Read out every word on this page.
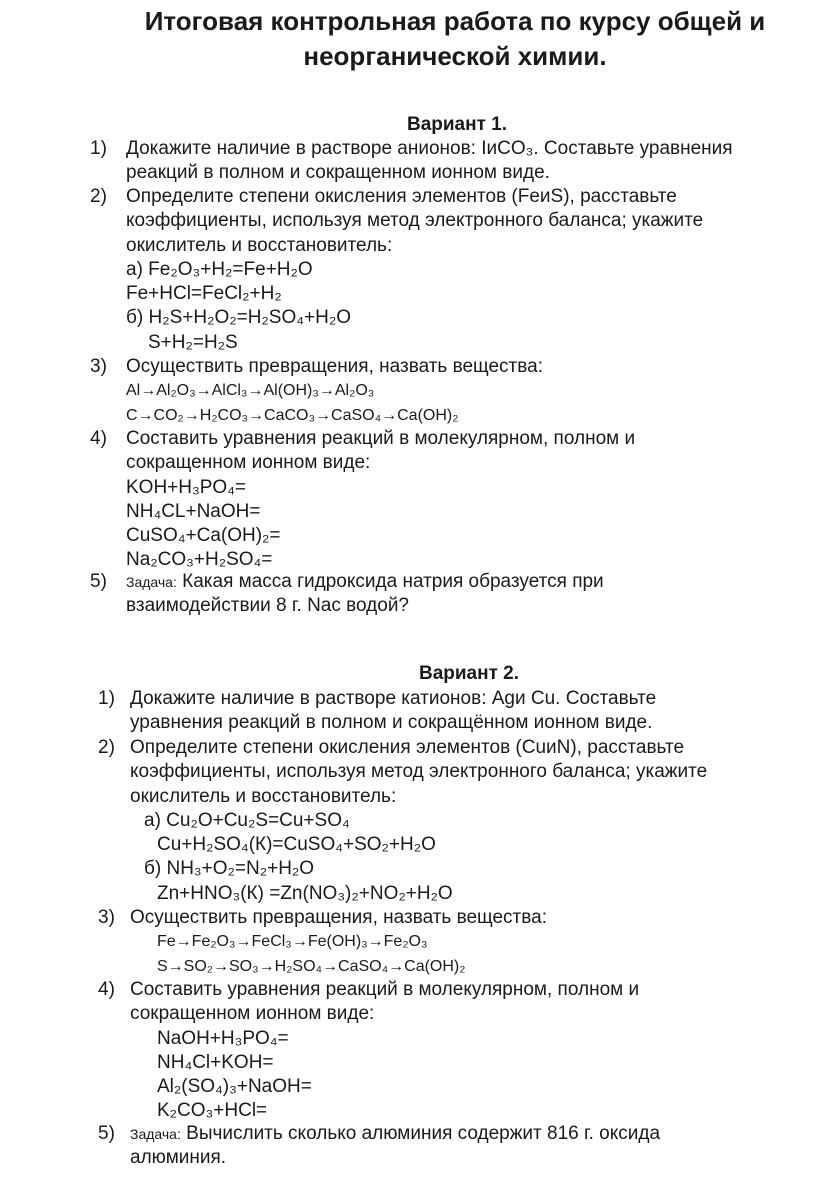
Итоговая контрольная работа по курсу общей и
неорганической химии.
Вариант 1.
1) Докажите наличие в растворе анионов: IиCO₃. Составьте уравнения
реакций в полном и сокращенном ионном виде.
2) Определите степени окисления элементов (FeиS), расставьте
коэффициенты, используя метод электронного баланса; укажите
окислитель и восстановитель:
а) Fe₂O₃+H₂=Fe+H₂O
Fe+HCl=FeCl₂+H₂
б) H₂S+H₂O₂=H₂SO₄+H₂O
S+H₂=H₂S
3) Осуществить превращения, назвать вещества:
Al→Al₂O₃→AlCl₃→Al(OH)₃→Al₂O₃
C→CO₂→H₂CO₃→CaCO₃→CaSO₄→Ca(OH)₂
4) Составить уравнения реакций в молекулярном, полном и
сокращенном ионном виде:
KOH+H₃PO₄=
NH₄CL+NaOH=
CuSO₄+Ca(OH)₂=
Na₂CO₃+H₂SO₄=
5) Задача: Какая масса гидроксида натрия образуется при
взаимодействии 8 г. Nac водой?
Вариант 2.
1) Докажите наличие в растворе катионов: Agи Cu. Составьте
уравнения реакций в полном и сокращённом ионном виде.
2) Определите степени окисления элементов (CuиN), расставьте
коэффициенты, используя метод электронного баланса; укажите
окислитель и восстановитель:
а) Cu₂O+Cu₂S=Cu+SO₄
Cu+H₂SO₄(К)=CuSO₄+SO₂+H₂O
б) NH₃+O₂=N₂+H₂O
Zn+HNO₃(К) =Zn(NO₃)₂+NO₂+H₂O
3) Осуществить превращения, назвать вещества:
Fe→Fe₂O₃→FeCl₃→Fe(OH)₃→Fe₂O₃
S→SO₂→SO₃→H₂SO₄→CaSO₄→Ca(OH)₂
4) Составить уравнения реакций в молекулярном, полном и
сокращенном ионном виде:
NaOH+H₃PO₄=
NH₄Cl+KOH=
Al₂(SO₄)₃+NaOH=
K₂CO₃+HCl=
5) Задача: Вычислить сколько алюминия содержит 816 г. оксида
алюминия.
